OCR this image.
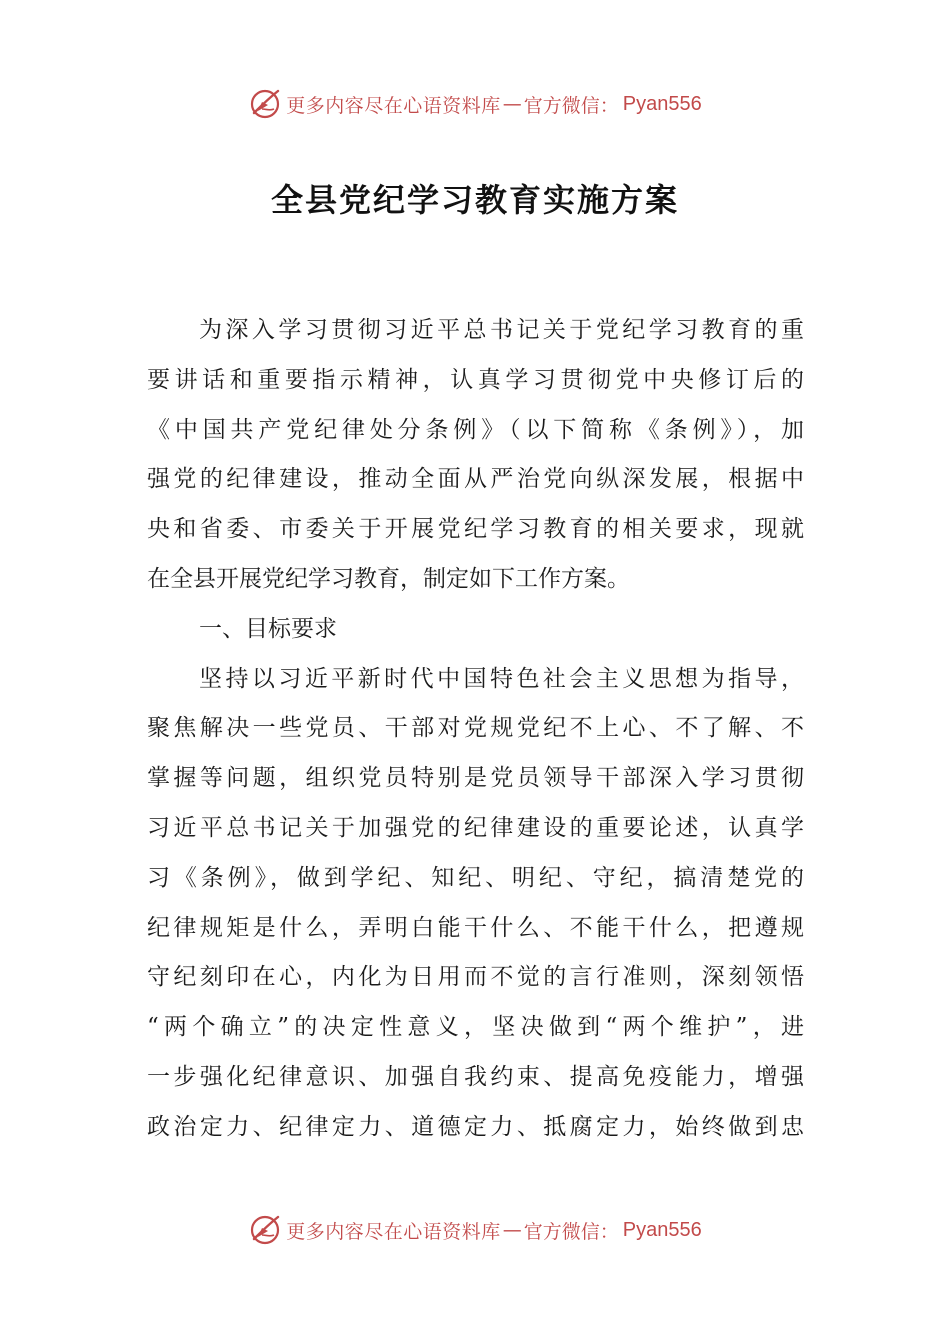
更多内容尽在心语资料库 — 官方微信： Pyan556
全县党纪学习教育实施方案
为深入学习贯彻习近平总书记关于党纪学习教育的重
要讲话和重要指示精神，认真学习贯彻党中央修订后的
《中国共产党纪律处分条例》（以下简称《条例》），加
强党的纪律建设，推动全面从严治党向纵深发展，根据中
央和省委、市委关于开展党纪学习教育的相关要求，现就
在全县开展党纪学习教育，制定如下工作方案。
一、目标要求
坚持以习近平新时代中国特色社会主义思想为指导，
聚焦解决一些党员、干部对党规党纪不上心、不了解、不
掌握等问题，组织党员特别是党员领导干部深入学习贯彻
习近平总书记关于加强党的纪律建设的重要论述，认真学
习《条例》，做到学纪、知纪、明纪、守纪，搞清楚党的
纪律规矩是什么，弄明白能干什么、不能干什么，把遵规
守纪刻印在心，内化为日用而不觉的言行准则，深刻领悟
“两个确立”的决定性意义，坚决做到“两个维护”，进
一步强化纪律意识、加强自我约束、提高免疫能力，增强
政治定力、纪律定力、道德定力、抵腐定力，始终做到忠
更多内容尽在心语资料库 — 官方微信： Pyan556
